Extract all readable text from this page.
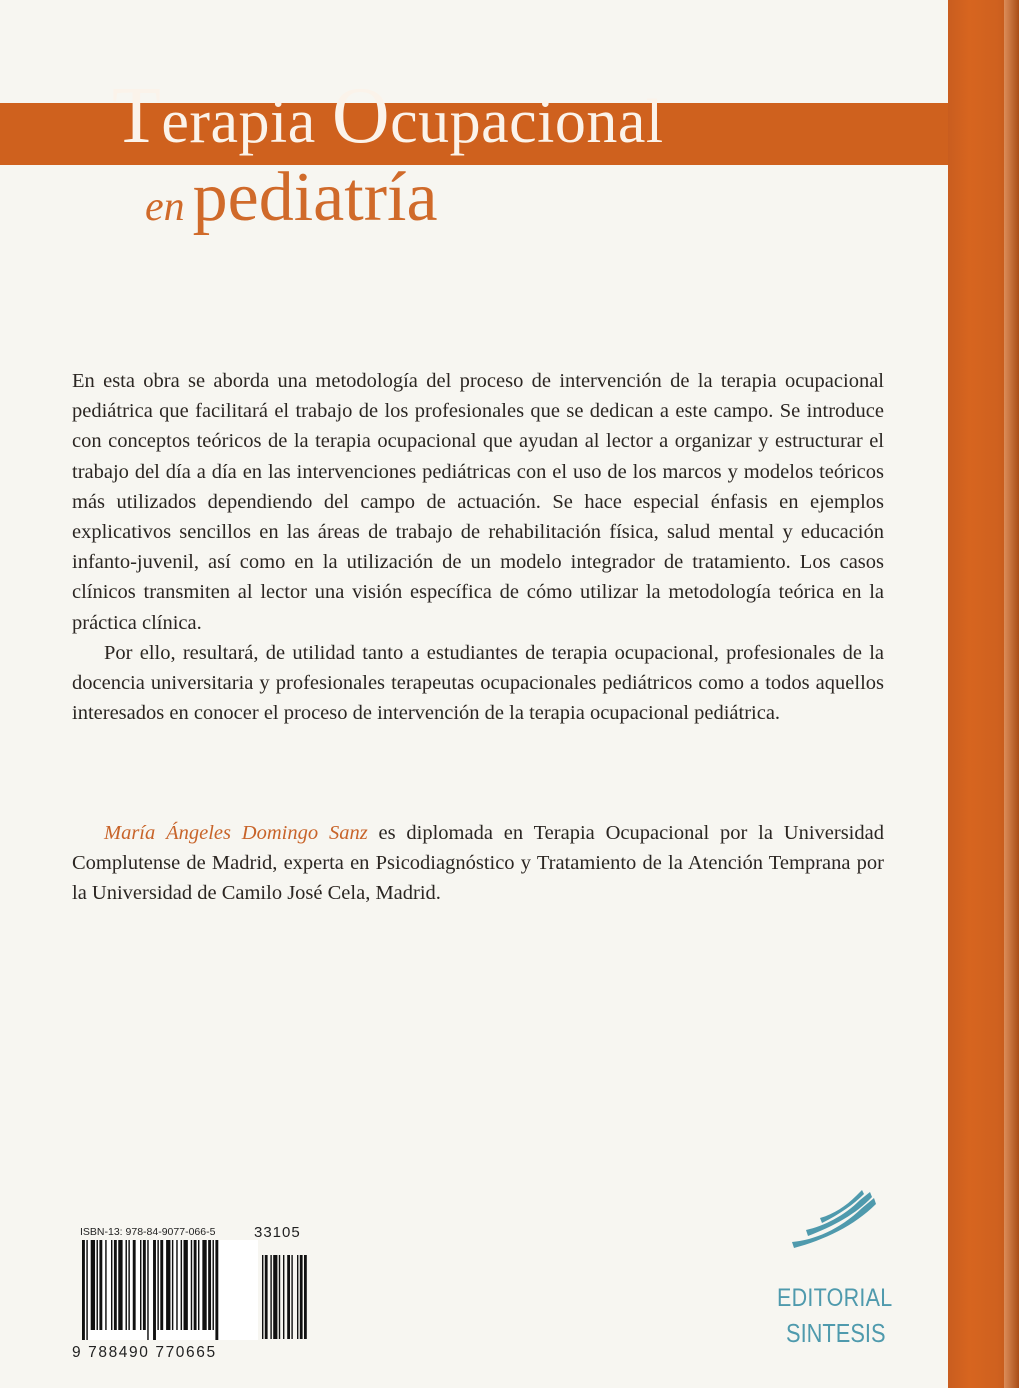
Terapia Ocupacional
en pediatría

En esta obra se aborda una metodología del proceso de intervención de la terapia ocupacional pediátrica que facilitará el trabajo de los profesionales que se dedican a este campo. Se introduce con conceptos teóricos de la terapia ocupacional que ayudan al lector a organizar y estructurar el trabajo del día a día en las intervenciones pediátricas con el uso de los marcos y modelos teóricos más utilizados dependiendo del campo de actuación. Se hace especial énfasis en ejemplos explicativos sencillos en las áreas de trabajo de rehabilitación física, salud mental y educación infanto-juvenil, así como en la utilización de un modelo integrador de tratamiento. Los casos clínicos transmiten al lector una visión específica de cómo utilizar la metodología teórica en la práctica clínica.

Por ello, resultará, de utilidad tanto a estudiantes de terapia ocupacional, profesionales de la docencia universitaria y profesionales terapeutas ocupacionales pediátricos como a todos aquellos interesados en conocer el proceso de intervención de la terapia ocupacional pediátrica.

María Ángeles Domingo Sanz es diplomada en Terapia Ocupacional por la Universidad Complutense de Madrid, experta en Psicodiagnóstico y Tratamiento de la Atención Temprana por la Universidad de Camilo José Cela, Madrid.

ISBN-13: 978-84-9077-066-5	33105
9 788490 770665
EDITORIAL
SINTESIS
